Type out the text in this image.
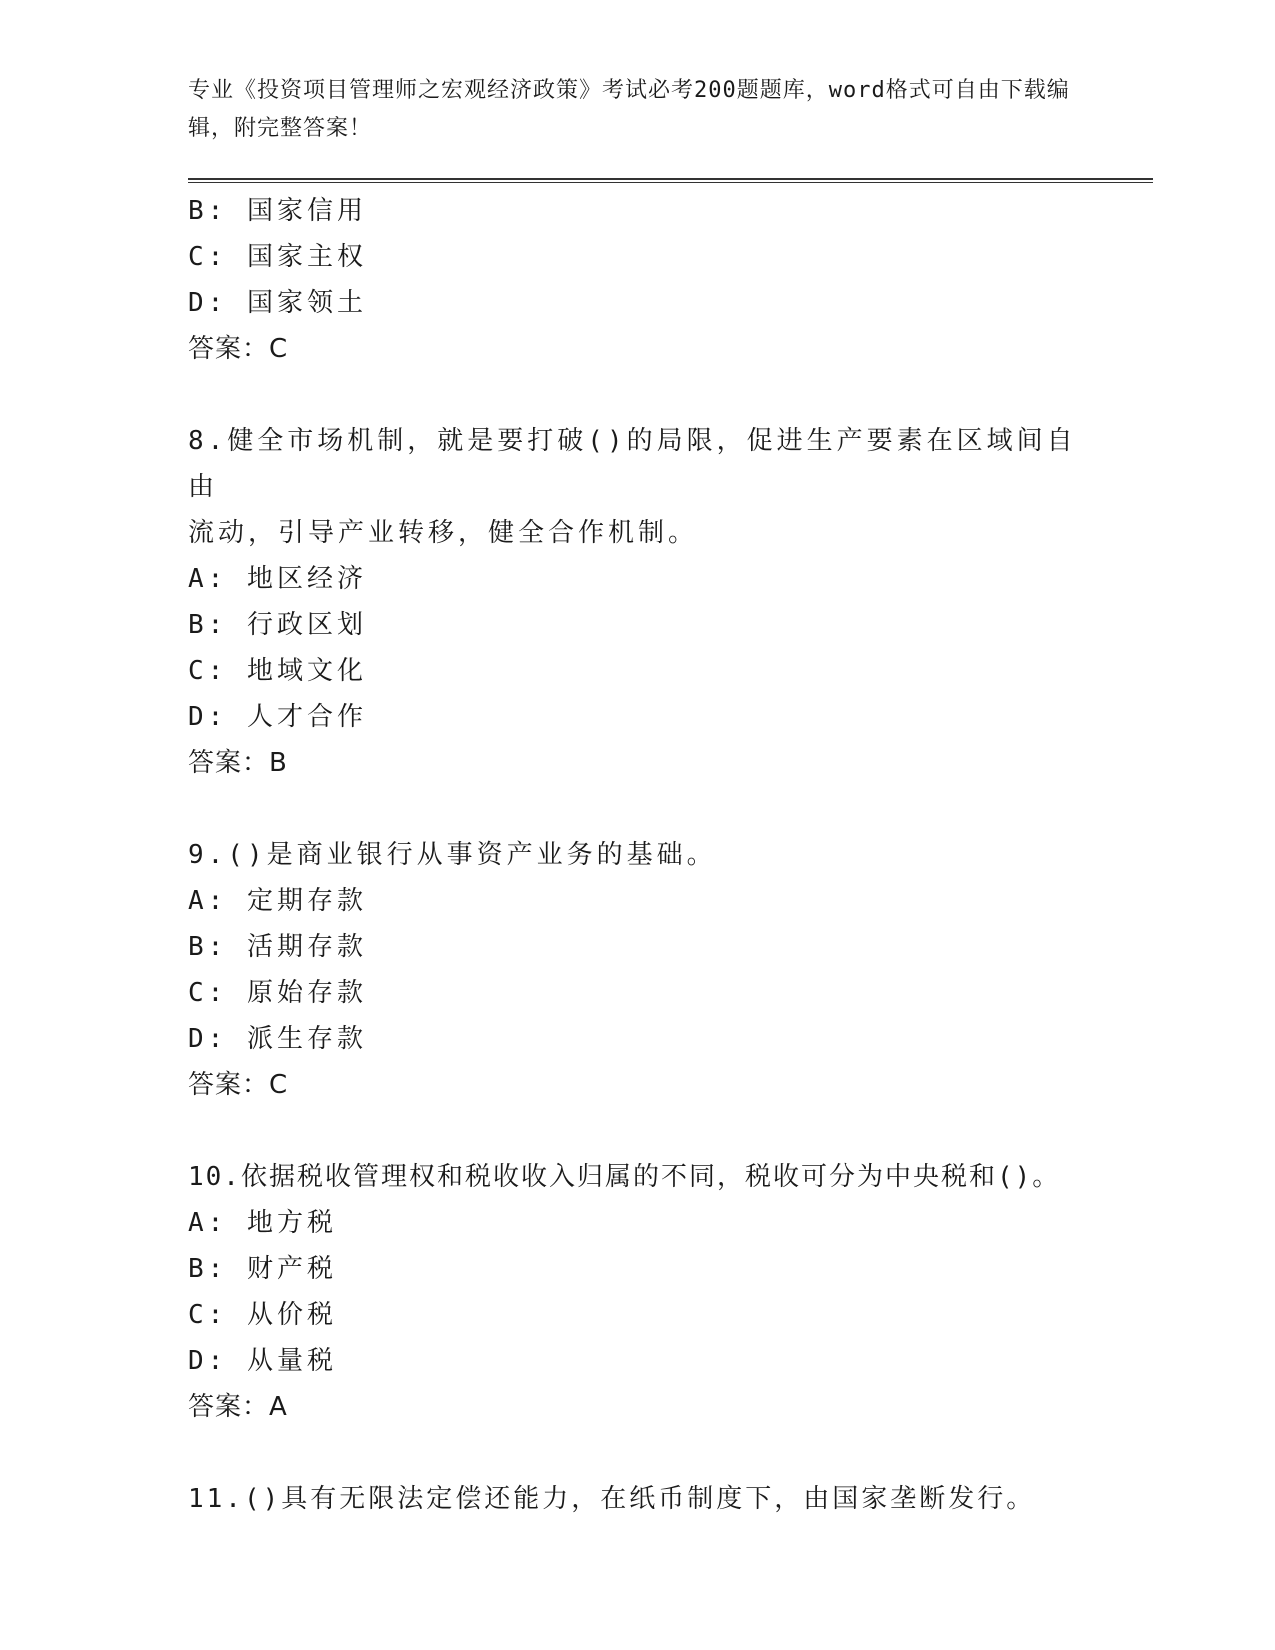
专业《投资项目管理师之宏观经济政策》考试必考200题题库，word格式可自由下载编辑，附完整答案！
B: 国家信用
C: 国家主权
D: 国家领土
答案：C
8.健全市场机制，就是要打破()的局限，促进生产要素在区域间自由
流动，引导产业转移，健全合作机制。
A: 地区经济
B: 行政区划
C: 地域文化
D: 人才合作
答案：B
9.()是商业银行从事资产业务的基础。
A: 定期存款
B: 活期存款
C: 原始存款
D: 派生存款
答案：C
10.依据税收管理权和税收收入归属的不同，税收可分为中央税和()。
A: 地方税
B: 财产税
C: 从价税
D: 从量税
答案：A
11.()具有无限法定偿还能力，在纸币制度下，由国家垄断发行。
